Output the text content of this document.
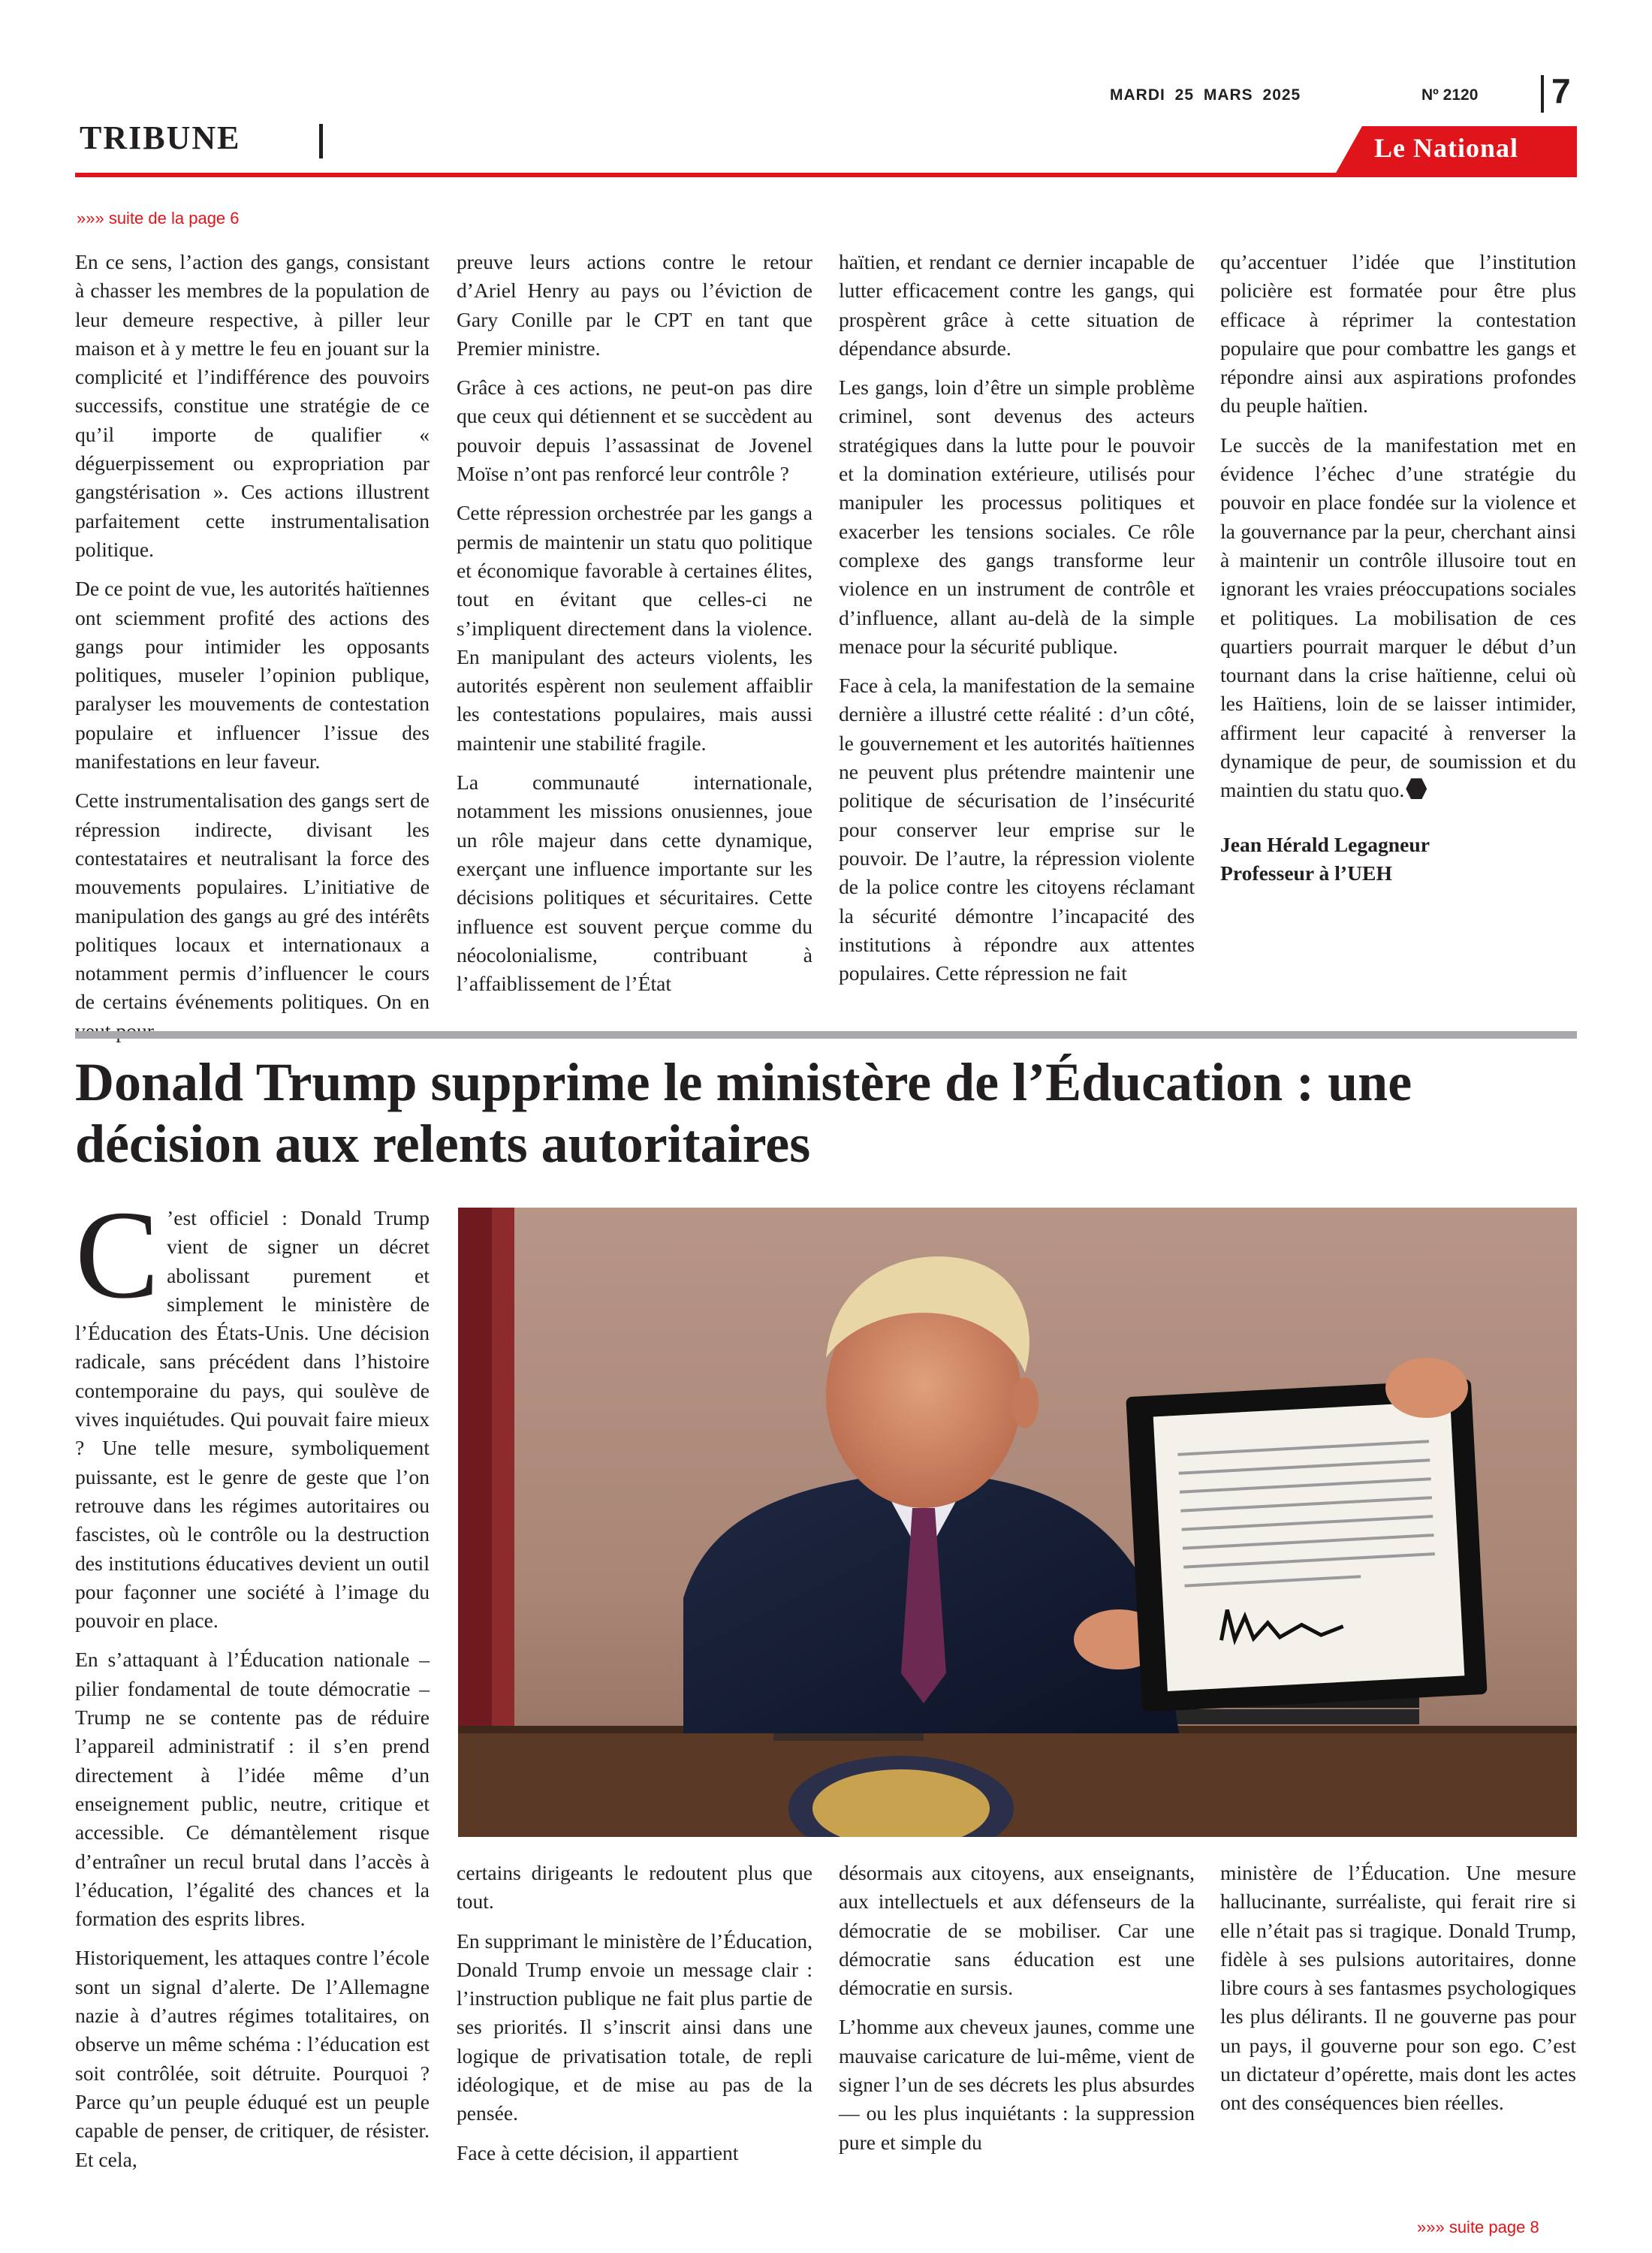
MARDI 25 MARS 2025	Nº 2120 7
TRIBUNE	Le National
»»» suite de la page 6

En ce sens, l’action des gangs, consistant à chasser les membres de la population de leur demeure respective, à piller leur maison et à y mettre le feu en jouant sur la complicité et l’indifférence des pouvoirs successifs, constitue une stratégie de ce qu’il importe de qualifier « déguerpissement ou expropriation par gangstérisation ». Ces actions illustrent parfaitement cette instrumentalisation politique.

De ce point de vue, les autorités haïtiennes ont sciemment profité des actions des gangs pour intimider les opposants politiques, museler l’opinion publique, paralyser les mouvements de contestation populaire et influencer l’issue des manifestations en leur faveur.

Cette instrumentalisation des gangs sert de répression indirecte, divisant les contestataires et neutralisant la force des mouvements populaires. L’initiative de manipulation des gangs au gré des intérêts politiques locaux et internationaux a notamment permis d’influencer le cours de certains événements politiques. On en

preuve leurs actions contre le retour d’Ariel Henry au pays ou l’éviction de Gary Conille par le CPT en tant que Premier ministre.

Grâce à ces actions, ne peut-on pas dire que ceux qui détiennent et se succèdent au pouvoir depuis l’assassinat de Jovenel Moïse n’ont pas renforcé leur contrôle ?

Cette répression orchestrée par les gangs a permis de maintenir un statu quo politique et économique favorable à certaines élites, tout en évitant que celles-ci ne s’impliquent directement dans la violence. En manipulant des acteurs violents, les autorités espèrent non seulement affaiblir les contestations populaires, mais aussi maintenir une stabilité fragile.

La communauté internationale, notamment les missions onusiennes, joue un rôle majeur dans cette dynamique, exerçant une influence importante sur les décisions politiques et sécuritaires. Cette influence est souvent perçue comme du néocolonialisme, contribuant à l’affaiblissement de l’État

haïtien, et rendant ce dernier incapable de lutter efficacement contre les gangs, qui prospèrent grâce à cette situation de dépendance absurde.

Les gangs, loin d’être un simple problème criminel, sont devenus des acteurs stratégiques dans la lutte pour le pouvoir et la domination extérieure, utilisés pour manipuler les processus politiques et exacerber les tensions sociales. Ce rôle complexe des gangs transforme leur violence en un instrument de contrôle et d’influence, allant au-delà de la simple menace pour la sécurité publique.

Face à cela, la manifestation de la semaine dernière a illustré cette réalité : d’un côté, le gouvernement et les autorités haïtiennes ne peuvent plus prétendre maintenir une politique de sécurisation de l’insécurité pour conserver leur emprise sur le pouvoir. De l’autre, la répression violente de la police contre les citoyens réclamant la sécurité démontre l’incapacité des institutions à répondre aux attentes populaires. Cette répression ne fait

qu’accentuer l’idée que l’institution policière est formatée pour être plus efficace à réprimer la contestation populaire que pour combattre les gangs et répondre ainsi aux aspirations profondes du peuple haïtien.

Le succès de la manifestation met en évidence l’échec d’une stratégie du pouvoir en place fondée sur la violence et la gouvernance par la peur, cherchant ainsi à maintenir un contrôle illusoire tout en ignorant les vraies préoccupations sociales et politiques. La mobilisation de ces quartiers pourrait marquer le début d’un tournant dans la crise haïtienne, celui où les Haïtiens, loin de se laisser intimider, affirment leur capacité à renverser la dynamique de peur, de soumission et du maintien du statu quo.

Jean Hérald Legagneur

Professeur à l’UEH

Donald Trump supprime le ministère de l’Éducation : une décision aux relents autoritaires

C ’est officiel : Donald Trump vient de signer un décret abolissant purement et simplement le ministère de l’Éducation des États-Unis. Une décision radicale, sans précédent dans l’histoire contemporaine du pays, qui soulève de vives inquiétudes. Qui pouvait faire mieux ? Une telle mesure, symboliquement puissante, est le genre de geste que l’on retrouve dans les régimes autoritaires ou fascistes, où le contrôle ou la destruction des institutions éducatives devient un outil pour façonner une société à l’image du pouvoir en place.

En s’attaquant à l’Éducation nationale – pilier fondamental de toute démocratie – Trump ne se contente pas de réduire l’appareil administratif : il s’en prend directement à l’idée même d’un enseignement public, neutre, critique et accessible. Ce démantèlement risque d’entraîner un recul brutal dans l’accès à l’éducation, l’égalité des chances et la formation des esprits libres.

Historiquement, les attaques contre l’école sont un signal d’alerte. De l’Allemagne nazie à d’autres régimes totalitaires, on observe un même schéma : l’éducation est soit contrôlée, soit détruite. Pourquoi ? Parce qu’un peuple éduqué est un peuple capable de penser, de critiquer, de résister. Et cela,

certains dirigeants le redoutent plus que tout.

En supprimant le ministère de l’Éducation, Donald Trump envoie un message clair : l’instruction publique ne fait plus partie de ses priorités. Il s’inscrit ainsi dans une logique de privatisation totale, de repli idéologique, et de mise au pas de la pensée.

Face à cette décision, il appartient

désormais aux citoyens, aux enseignants, aux intellectuels et aux défenseurs de la démocratie de se mobiliser. Car une démocratie sans éducation est une démocratie en sursis.

L’homme aux cheveux jaunes, comme une mauvaise caricature de lui-même, vient de signer l’un de ses décrets les plus absurdes — ou les plus inquiétants : la suppression pure et simple du

ministère de l’Éducation. Une mesure hallucinante, surréaliste, qui ferait rire si elle n’était pas si tragique. Donald Trump, fidèle à ses pulsions autoritaires, donne libre cours à ses fantasmes psychologiques les plus délirants. Il ne gouverne pas pour un pays, il gouverne pour son ego. C’est un dictateur d’opérette, mais dont les actes ont des conséquences bien réelles.

»»» suite page 8
